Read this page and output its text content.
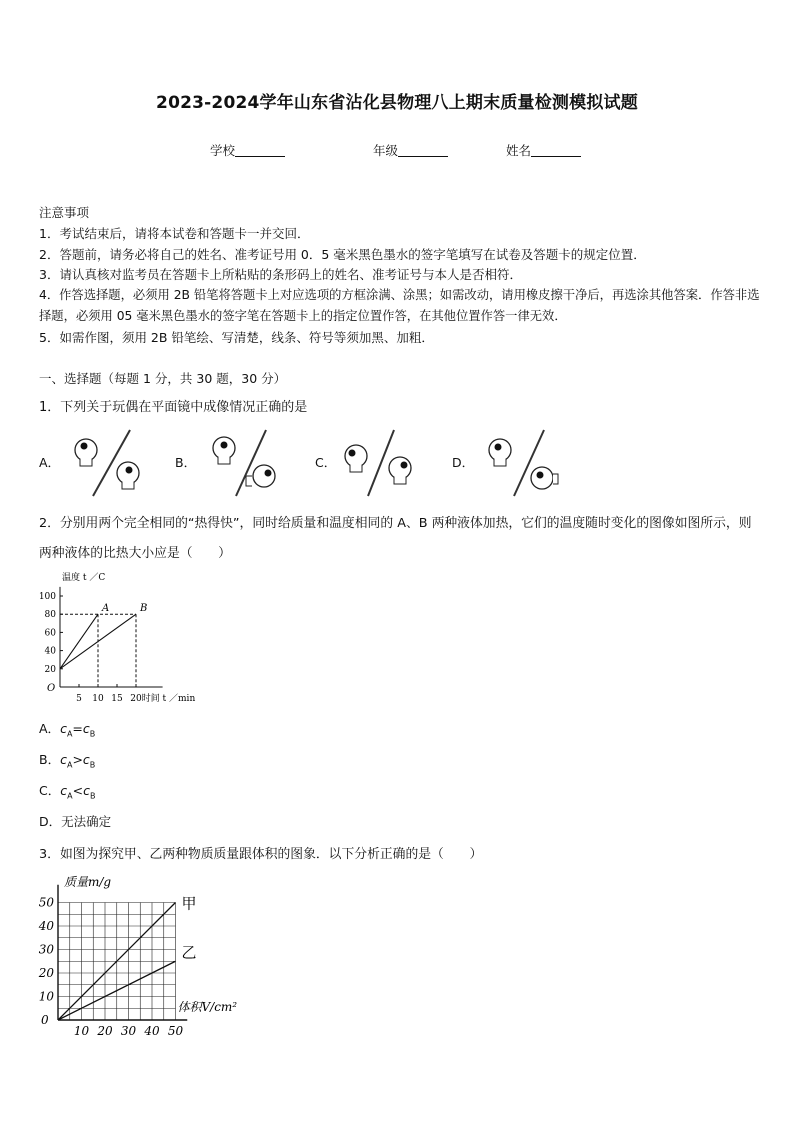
2023-2024学年山东省沾化县物理八上期末质量检测模拟试题
学校	年级	姓名
注意事项
1．考试结束后，请将本试卷和答题卡一并交回．
2．答题前，请务必将自己的姓名、准考证号用 0．5 毫米黑色墨水的签字笔填写在试卷及答题卡的规定位置．
3．请认真核对监考员在答题卡上所粘贴的条形码上的姓名、准考证号与本人是否相符．
4．作答选择题，必须用 2B 铅笔将答题卡上对应选项的方框涂满、涂黑；如需改动，请用橡皮擦干净后，再选涂其他答案．作答非选择题，必须用 05 毫米黑色墨水的签字笔在答题卡上的指定位置作答，在其他位置作答一律无效．
5．如需作图，须用 2B 铅笔绘、写清楚，线条、符号等须加黑、加粗．
一、选择题（每题 1 分，共 30 题，30 分）
1．下列关于玩偶在平面镜中成像情况正确的是
A．	B．	C．	D．
2．分别用两个完全相同的“热得快”，同时给质量和温度相同的 A、B 两种液体加热，它们的温度随时变化的图像如图所示，则两种液体的比热大小应是（　　）
O
温度 t ／C
时间 t ／min
20
40
60
80
100
5 10 15 20
A	B
A．$c_A=c_B$
B．$c_A>c_B$
C．$c_A<c_B$
D．无法确定
3．如图为探究甲、乙两种物质质量跟体积的图象．以下分析正确的是（　　）
质量m/g
体积V/cm²
0
10
20
30
40
50
10 20 30 40 50
甲
乙
